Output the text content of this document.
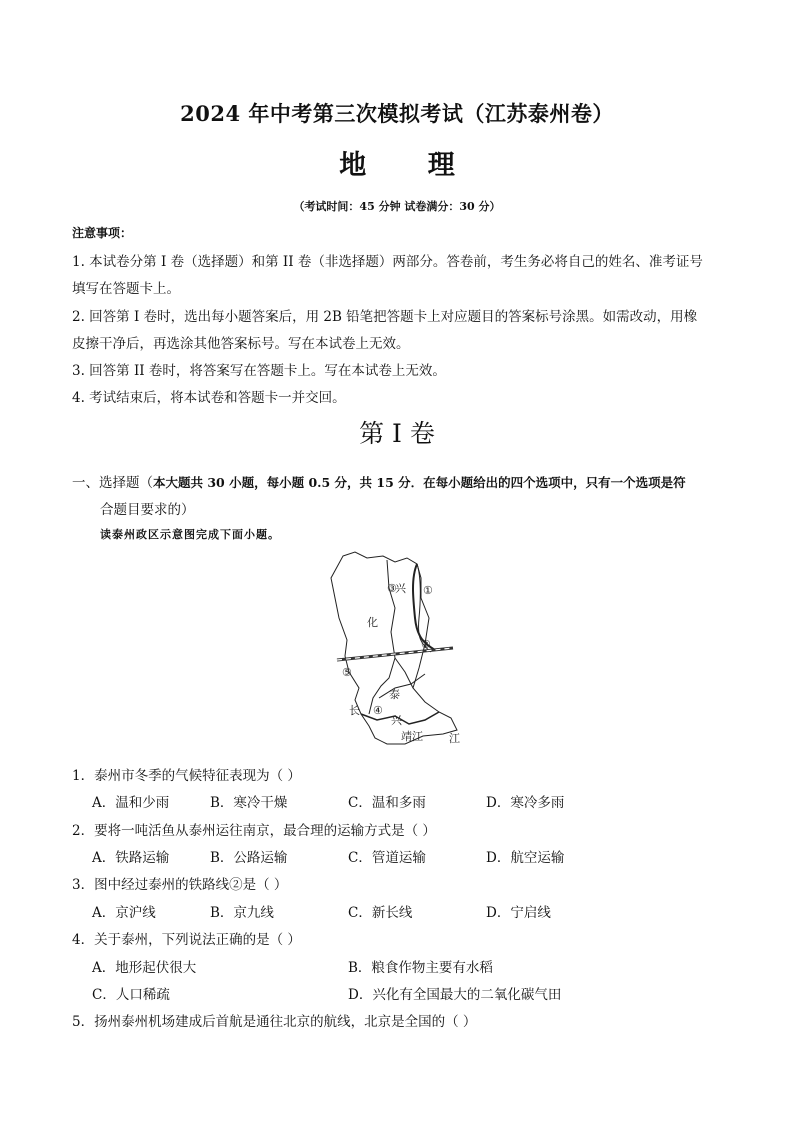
2024 年中考第三次模拟考试（江苏泰州卷）
地 理
（考试时间：45 分钟 试卷满分：30 分）
注意事项：
1. 本试卷分第 I 卷（选择题）和第 II 卷（非选择题）两部分。答卷前，考生务必将自己的姓名、准考证号
填写在答题卡上。
2. 回答第 I 卷时，选出每小题答案后，用 2B 铅笔把答题卡上对应题目的答案标号涂黑。如需改动，用橡
皮擦干净后，再选涂其他答案标号。写在本试卷上无效。
3. 回答第 II 卷时，将答案写在答题卡上。写在本试卷上无效。
4. 考试结束后，将本试卷和答题卡一并交回。
第 I 卷
一、选择题（本大题共 30 小题，每小题 0.5 分，共 15 分．在每小题给出的四个选项中，只有一个选项是符
合题目要求的）
读泰州政区示意图完成下面小题。
兴
化
③ ①
②
⑤
泰
④
长
兴
靖江 江
1．泰州市冬季的气候特征表现为（ ）
A．温和少雨	B．寒冷干燥	C．温和多雨	D．寒冷多雨
2．要将一吨活鱼从泰州运往南京，最合理的运输方式是（ ）
A．铁路运输	B．公路运输	C．管道运输	D．航空运输
3．图中经过泰州的铁路线②是（ ）
A．京沪线	B．京九线	C．新长线	D．宁启线
4．关于泰州，下列说法正确的是（ ）
A．地形起伏很大	B．粮食作物主要有水稻
C．人口稀疏	D．兴化有全国最大的二氧化碳气田
5．扬州泰州机场建成后首航是通往北京的航线，北京是全国的（ ）
